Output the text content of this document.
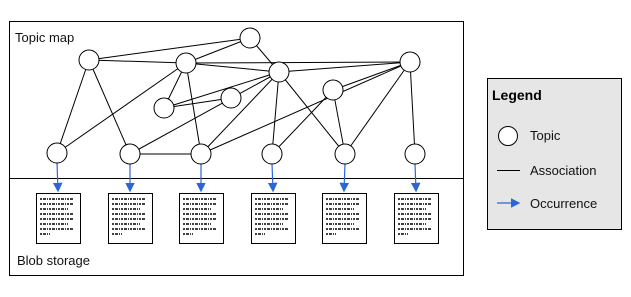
Topic map
Blob storage
Legend
Topic
Association
Occurrence
